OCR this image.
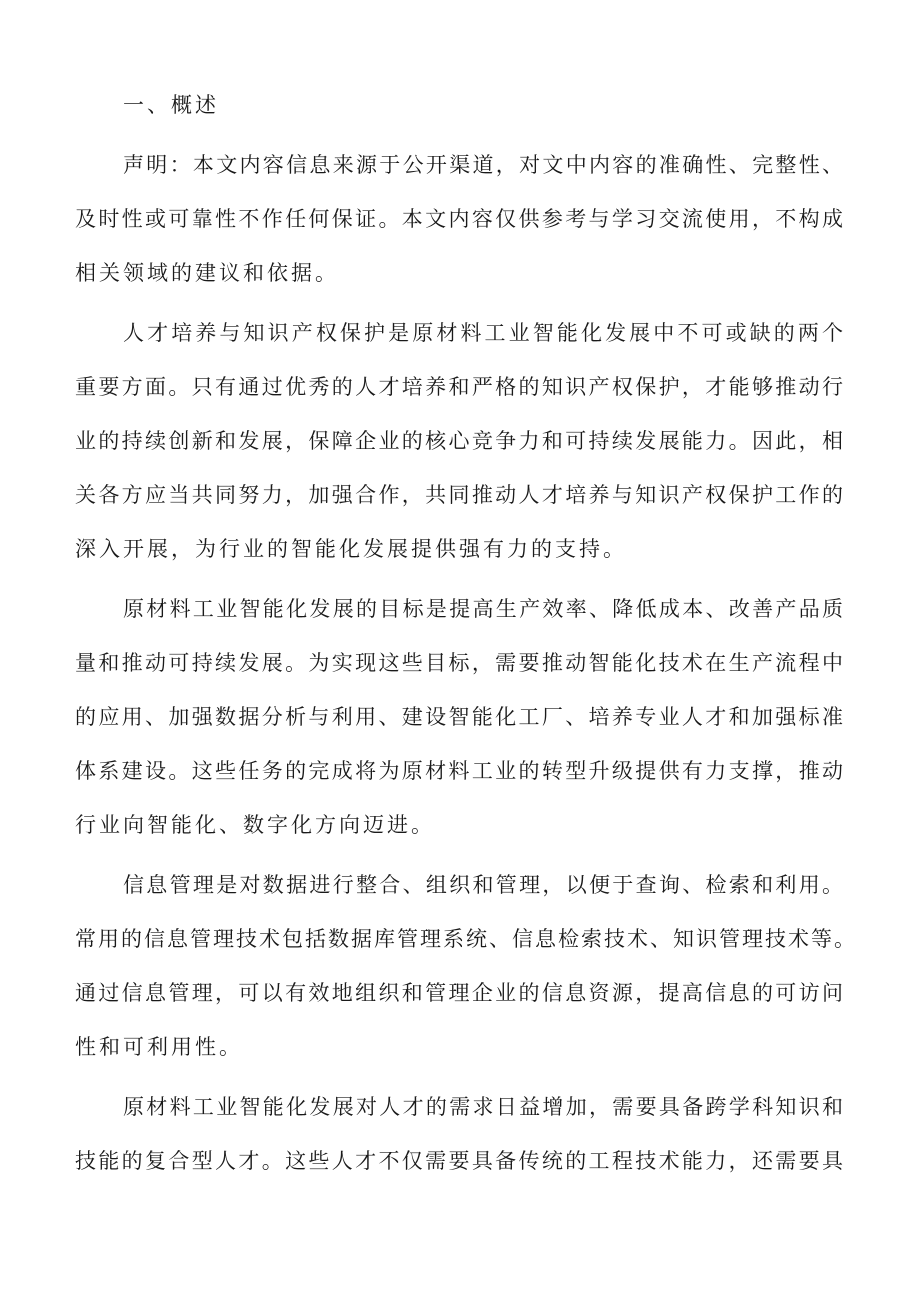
一、概述
声明：本文内容信息来源于公开渠道，对文中内容的准确性、完整性、
及时性或可靠性不作任何保证。本文内容仅供参考与学习交流使用，不构成
相关领域的建议和依据。
人才培养与知识产权保护是原材料工业智能化发展中不可或缺的两个
重要方面。只有通过优秀的人才培养和严格的知识产权保护，才能够推动行
业的持续创新和发展，保障企业的核心竞争力和可持续发展能力。因此，相
关各方应当共同努力，加强合作，共同推动人才培养与知识产权保护工作的
深入开展，为行业的智能化发展提供强有力的支持。
原材料工业智能化发展的目标是提高生产效率、降低成本、改善产品质
量和推动可持续发展。为实现这些目标，需要推动智能化技术在生产流程中
的应用、加强数据分析与利用、建设智能化工厂、培养专业人才和加强标准
体系建设。这些任务的完成将为原材料工业的转型升级提供有力支撑，推动
行业向智能化、数字化方向迈进。
信息管理是对数据进行整合、组织和管理，以便于查询、检索和利用。
常用的信息管理技术包括数据库管理系统、信息检索技术、知识管理技术等。
通过信息管理，可以有效地组织和管理企业的信息资源，提高信息的可访问
性和可利用性。
原材料工业智能化发展对人才的需求日益增加，需要具备跨学科知识和
技能的复合型人才。这些人才不仅需要具备传统的工程技术能力，还需要具
